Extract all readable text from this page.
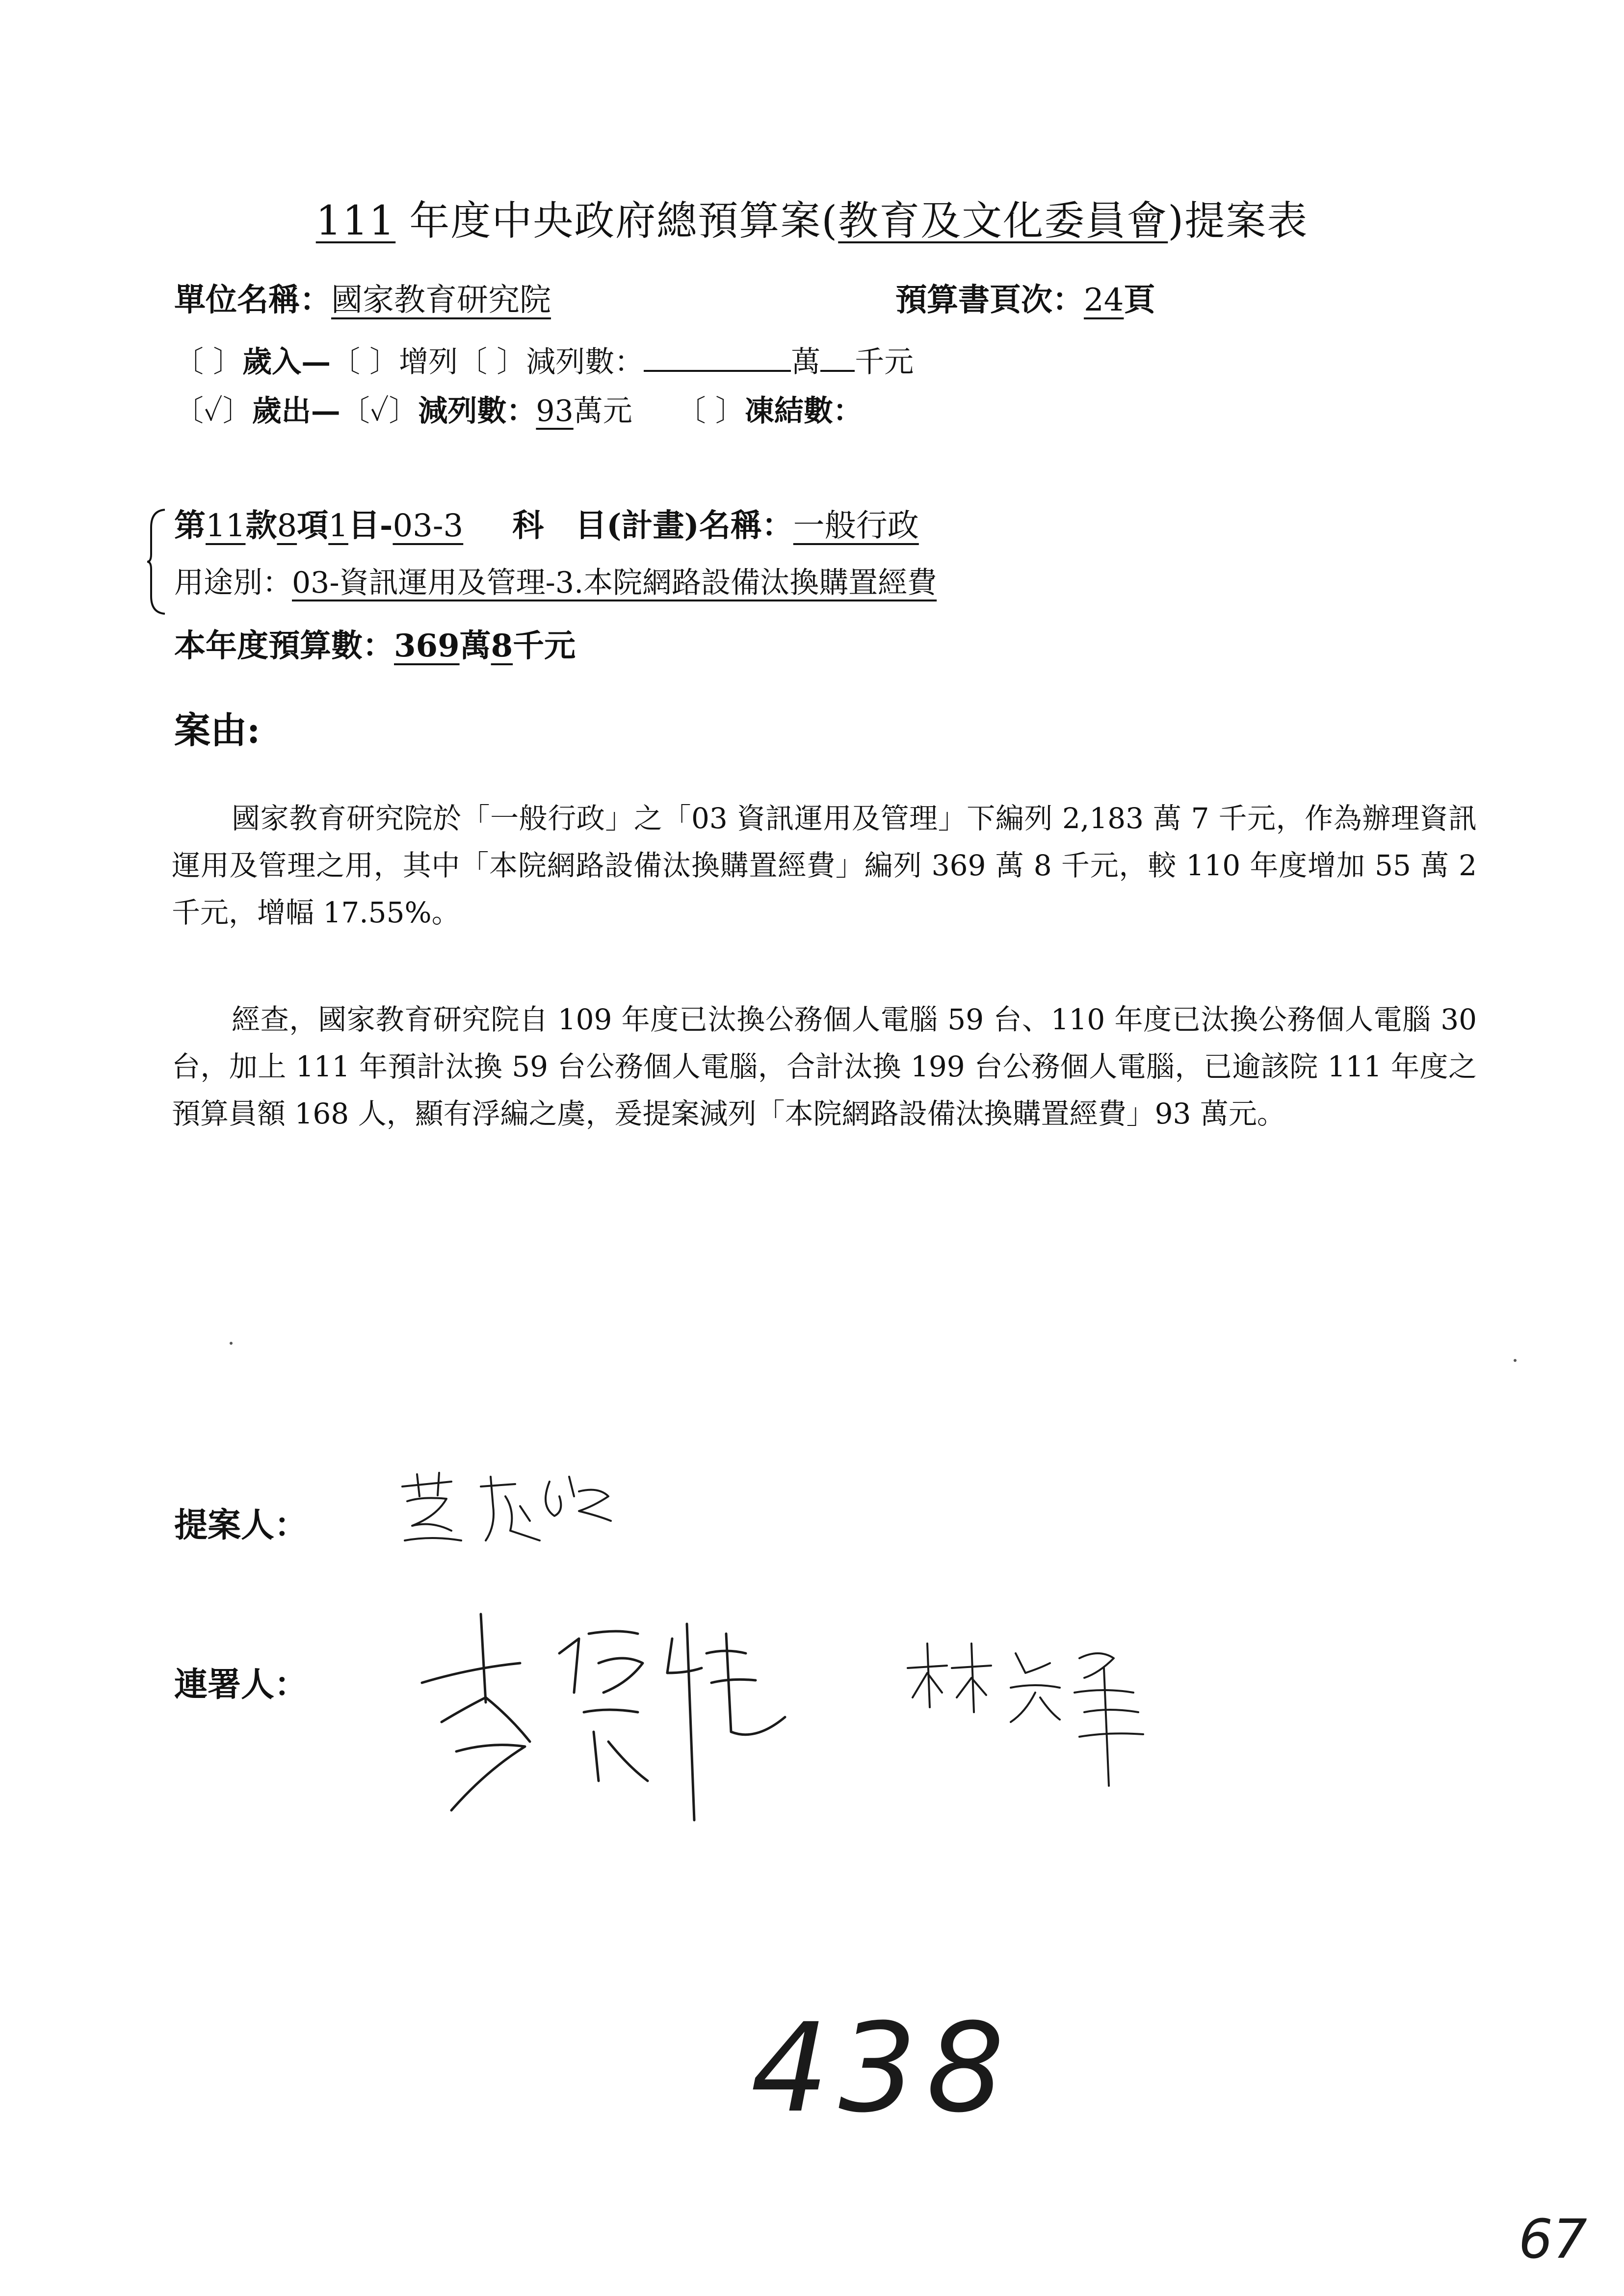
111 年度中央政府總預算案(教育及文化委員會)提案表
單位名稱：國家教育研究院	預算書頁次：24頁
〔 〕歲入—〔 〕增列〔 〕減列數：	萬 千元
〔✓〕歲出—〔✓〕減列數：93萬元 〔 〕凍結數：
第11款8項1目-03-3 科　目(計畫)名稱：一般行政
用途別：03-資訊運用及管理-3.本院網路設備汰換購置經費
本年度預算數：369萬8千元
案由:
國家教育研究院於「一般行政」之「03 資訊運用及管理」下編列 2,183 萬 7 千元，作為辦理資訊運用及管理之用，其中「本院網路設備汰換購置經費」編列 369 萬 8 千元，較 110 年度增加 55 萬 2 千元，增幅 17.55%。
經查，國家教育研究院自 109 年度已汰換公務個人電腦 59 台、110 年度已汰換公務個人電腦 30 台，加上 111 年預計汰換 59 台公務個人電腦，合計汰換 199 台公務個人電腦，已逾該院 111 年度之預算員額 168 人，顯有浮編之虞，爰提案減列「本院網路設備汰換購置經費」93 萬元。
提案人：
連署人：
438
67
